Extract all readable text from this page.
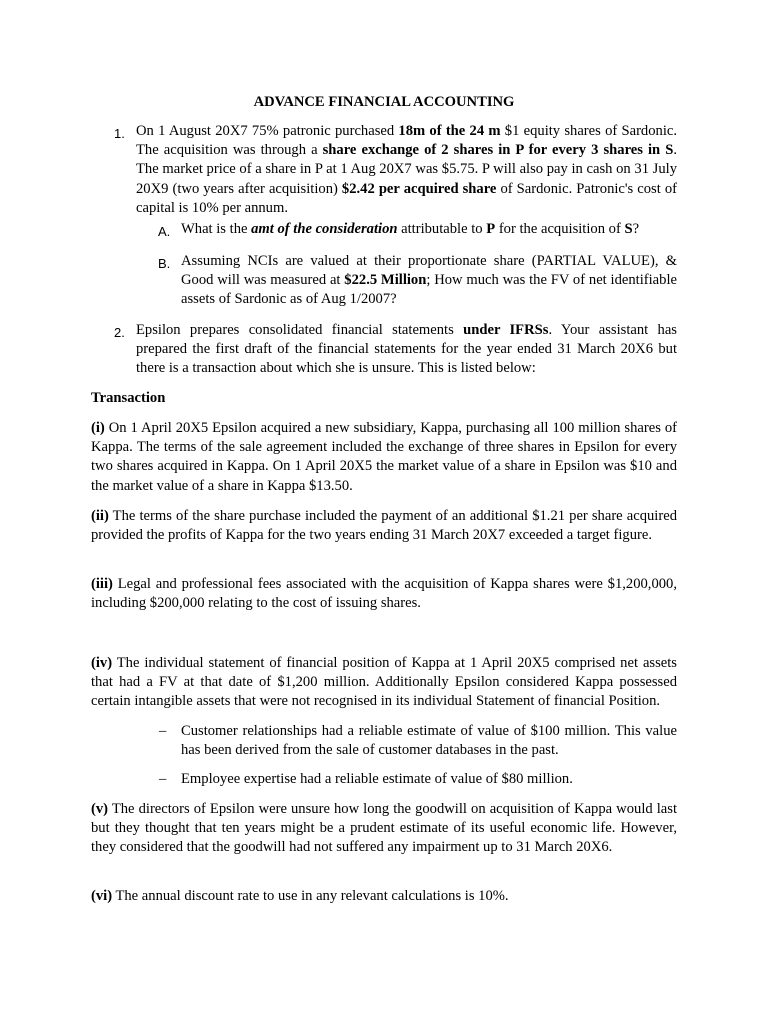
ADVANCE FINANCIAL ACCOUNTING
1. On 1 August 20X7 75% patronic purchased 18m of the 24 m $1 equity shares of Sardonic. The acquisition was through a share exchange of 2 shares in P for every 3 shares in S. The market price of a share in P at 1 Aug 20X7 was $5.75. P will also pay in cash on 31 July 20X9 (two years after acquisition) $2.42 per acquired share of Sardonic. Patronic's cost of capital is 10% per annum.
A. What is the amt of the consideration attributable to P for the acquisition of S?
B. Assuming NCIs are valued at their proportionate share (PARTIAL VALUE), & Good will was measured at $22.5 Million; How much was the FV of net identifiable assets of Sardonic as of Aug 1/2007?
2. Epsilon prepares consolidated financial statements under IFRSs. Your assistant has prepared the first draft of the financial statements for the year ended 31 March 20X6 but there is a transaction about which she is unsure. This is listed below:
Transaction
(i) On 1 April 20X5 Epsilon acquired a new subsidiary, Kappa, purchasing all 100 million shares of Kappa. The terms of the sale agreement included the exchange of three shares in Epsilon for every two shares acquired in Kappa. On 1 April 20X5 the market value of a share in Epsilon was $10 and the market value of a share in Kappa $13.50.
(ii) The terms of the share purchase included the payment of an additional $1.21 per share acquired provided the profits of Kappa for the two years ending 31 March 20X7 exceeded a target figure.
(iii) Legal and professional fees associated with the acquisition of Kappa shares were $1,200,000, including $200,000 relating to the cost of issuing shares.
(iv) The individual statement of financial position of Kappa at 1 April 20X5 comprised net assets that had a FV at that date of $1,200 million. Additionally Epsilon considered Kappa possessed certain intangible assets that were not recognised in its individual Statement of financial Position.
– Customer relationships had a reliable estimate of value of $100 million. This value has been derived from the sale of customer databases in the past.
– Employee expertise had a reliable estimate of value of $80 million.
(v) The directors of Epsilon were unsure how long the goodwill on acquisition of Kappa would last but they thought that ten years might be a prudent estimate of its useful economic life. However, they considered that the goodwill had not suffered any impairment up to 31 March 20X6.
(vi) The annual discount rate to use in any relevant calculations is 10%.
